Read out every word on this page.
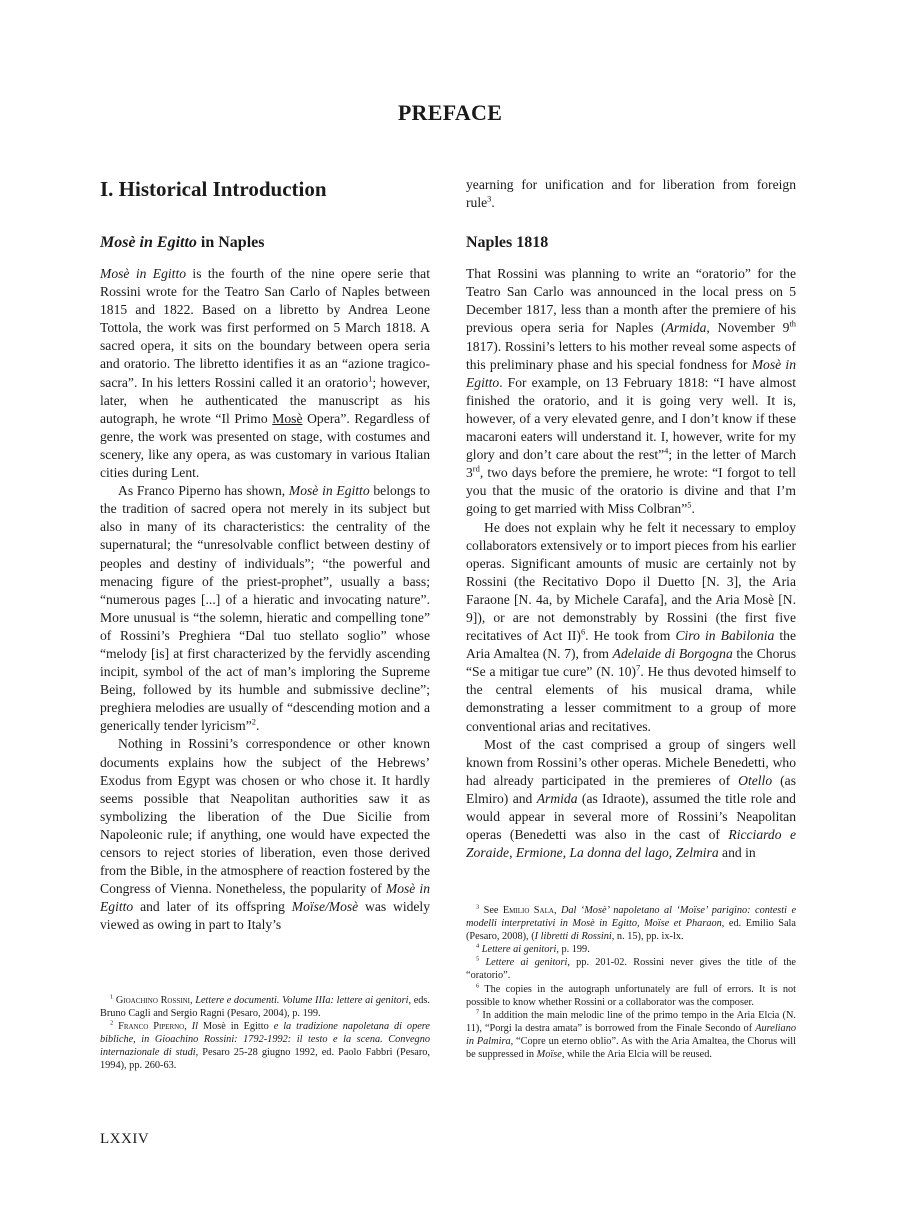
PREFACE
I. Historical Introduction
Mosè in Egitto in Naples

Mosè in Egitto is the fourth of the nine opere serie that Rossini wrote for the Teatro San Carlo of Naples between 1815 and 1822. Based on a libretto by Andrea Leone Tottola, the work was first performed on 5 March 1818. A sacred opera, it sits on the boundary between opera seria and oratorio. The libretto identifies it as an “azione tragico-sacra”. In his letters Rossini called it an oratorio$^1$; however, later, when he authenticated the manuscript as his autograph, he wrote “Il Primo Mosè Opera”. Regardless of genre, the work was presented on stage, with costumes and scenery, like any opera, as was customary in various Italian cities during Lent.

As Franco Piperno has shown, Mosè in Egitto belongs to the tradition of sacred opera not merely in its subject but also in many of its characteristics: the centrality of the supernatural; the “unresolvable conflict between destiny of peoples and destiny of individuals”; “the powerful and menacing figure of the priest-prophet”, usually a bass; “numerous pages [...] of a hieratic and invocating nature”. More unusual is “the solemn, hieratic and compelling tone” of Rossini’s Preghiera “Dal tuo stellato soglio” whose “melody [is] at first characterized by the fervidly ascending incipit, symbol of the act of man’s imploring the Supreme Being, followed by its humble and submissive decline”; preghiera melodies are usually of “descending motion and a generically tender lyricism”$^2$.

Nothing in Rossini’s correspondence or other known documents explains how the subject of the Hebrews’ Exodus from Egypt was chosen or who chose it. It hardly seems possible that Neapolitan authorities saw it as symbolizing the liberation of the Due Sicilie from Napoleonic rule; if anything, one would have expected the censors to reject stories of liberation, even those derived from the Bible, in the atmosphere of reaction fostered by the Congress of Vienna. Nonetheless, the popularity of Mosè in Egitto and later of its offspring Moïse/Mosè was widely viewed as owing in part to Italy’s

$^1$ Gioachino Rossini, Lettere e documenti. Volume IIIa: lettere ai genitori, eds. Bruno Cagli and Sergio Ragni (Pesaro, 2004), p. 199.

$^2$ Franco Piperno, Il Mosè in Egitto e la tradizione napoletana di opere bibliche, in Gioachino Rossini: 1792-1992: il testo e la scena. Convegno internazionale di studi, Pesaro 25-28 giugno 1992, ed. Paolo Fabbri (Pesaro, 1994), pp. 260-63.

yearning for unification and for liberation from foreign rule$^3$.

Naples 1818

That Rossini was planning to write an “oratorio” for the Teatro San Carlo was announced in the local press on 5 December 1817, less than a month after the premiere of his previous opera seria for Naples (Armida, November 9th 1817). Rossini’s letters to his mother reveal some aspects of this preliminary phase and his special fondness for Mosè in Egitto. For example, on 13 February 1818: “I have almost finished the oratorio, and it is going very well. It is, however, of a very elevated genre, and I don’t know if these macaroni eaters will understand it. I, however, write for my glory and don’t care about the rest”$^4$; in the letter of March 3rd, two days before the premiere, he wrote: “I forgot to tell you that the music of the oratorio is divine and that I’m going to get married with Miss Colbran”$^5$.

He does not explain why he felt it necessary to employ collaborators extensively or to import pieces from his earlier operas. Significant amounts of music are certainly not by Rossini (the Recitativo Dopo il Duetto [N. 3], the Aria Faraone [N. 4a, by Michele Carafa], and the Aria Mosè [N. 9]), or are not demonstrably by Rossini (the first five recitatives of Act II)$^6$. He took from Ciro in Babilonia the Aria Amaltea (N. 7), from Adelaide di Borgogna the Chorus “Se a mitigar tue cure” (N. 10)$^7$. He thus devoted himself to the central elements of his musical drama, while demonstrating a lesser commitment to a group of more conventional arias and recitatives.

Most of the cast comprised a group of singers well known from Rossini’s other operas. Michele Benedetti, who had already participated in the premieres of Otello (as Elmiro) and Armida (as Idraote), assumed the title role and would appear in several more of Rossini’s Neapolitan operas (Benedetti was also in the cast of Ricciardo e Zoraide, Ermione, La donna del lago, Zelmira and in

$^3$ See Emilio Sala, Dal ‘Mosè’ napoletano al ‘Moïse’ parigino: contesti e modelli interpretativi in Mosè in Egitto, Moïse et Pharaon, ed. Emilio Sala (Pesaro, 2008), (I libretti di Rossini, n. 15), pp. ix-lx.

$^4$ Lettere ai genitori, p. 199.

$^5$ Lettere ai genitori, pp. 201-02. Rossini never gives the title of the “oratorio”.

$^6$ The copies in the autograph unfortunately are full of errors. It is not possible to know whether Rossini or a collaborator was the composer.

$^7$ In addition the main melodic line of the primo tempo in the Aria Elcia (N. 11), “Porgi la destra amata” is borrowed from the Finale Secondo of Aureliano in Palmira, “Copre un eterno oblio”. As with the Aria Amaltea, the Chorus will be suppressed in Moïse, while the Aria Elcia will be reused.

LXXIV
